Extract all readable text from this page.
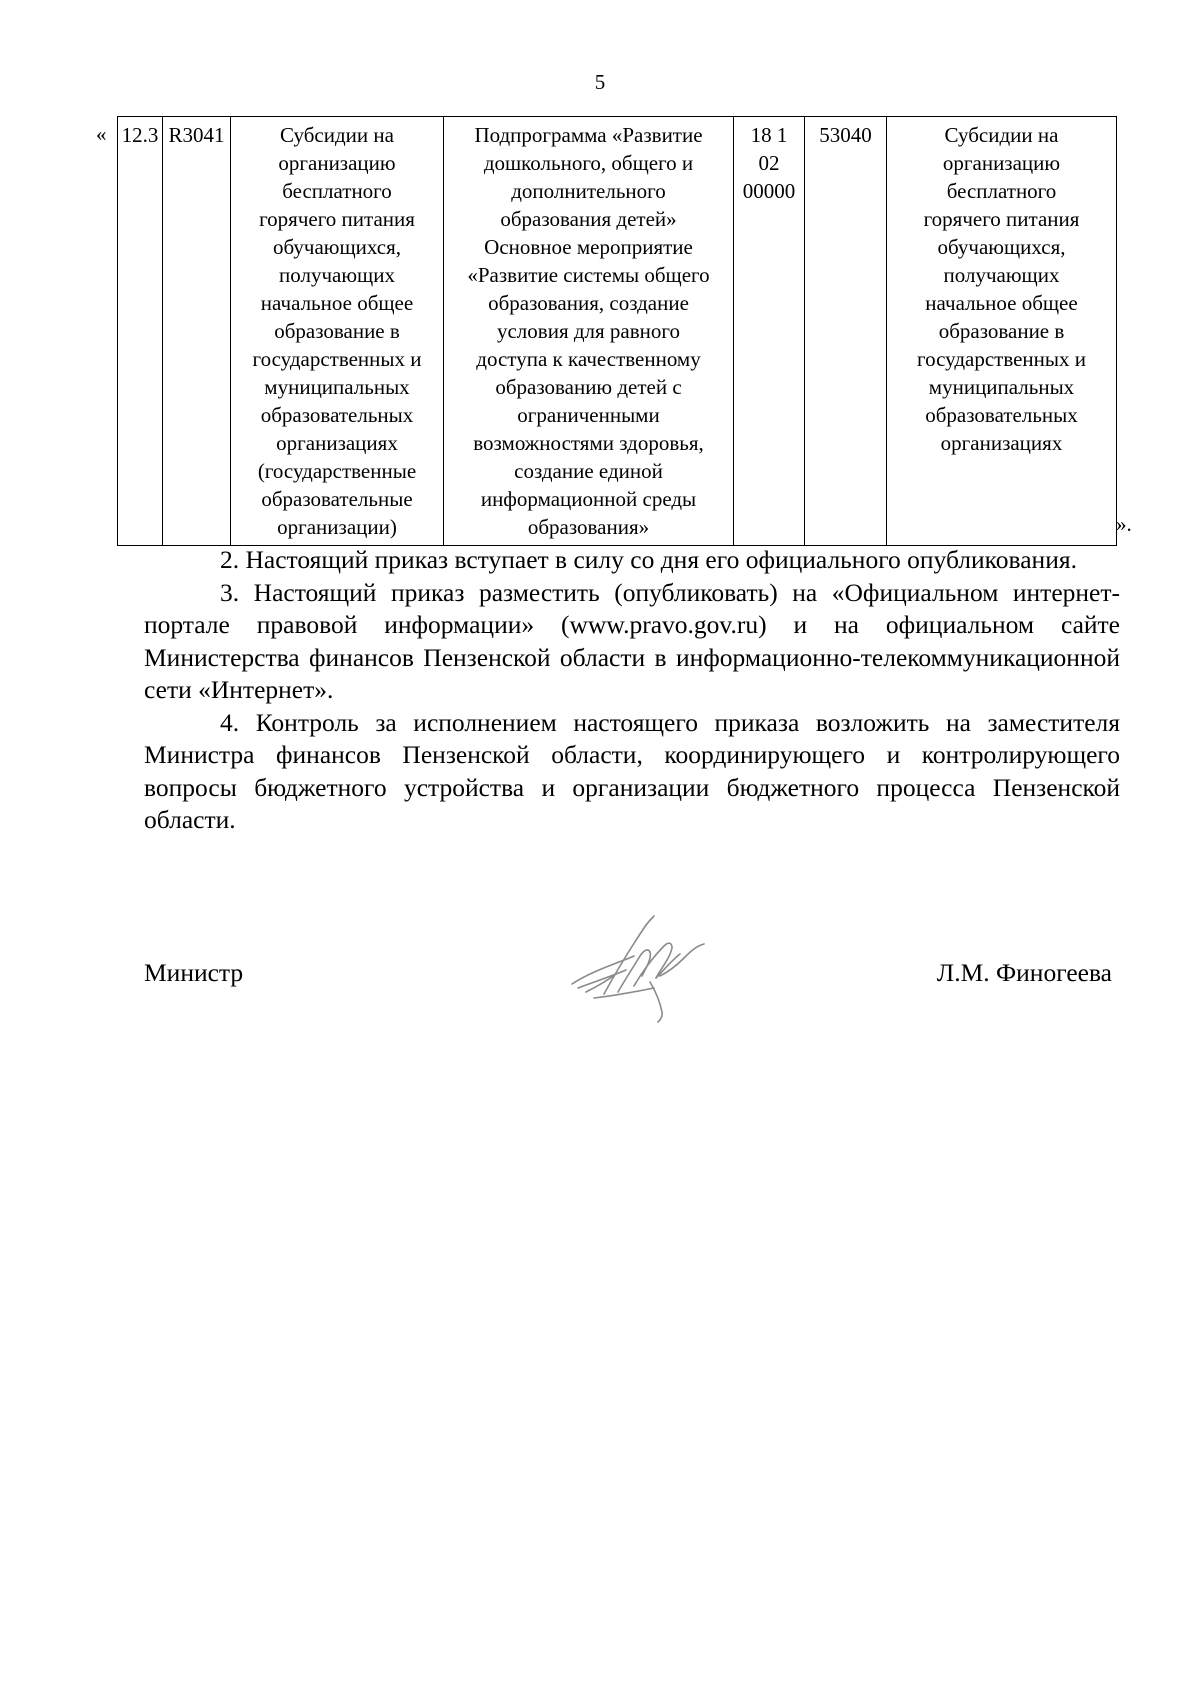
5
« 12.3	R3041	Субсидии на
организацию
бесплатного
горячего питания
обучающихся,
получающих
начальное общее
образование в
государственных и
муниципальных
образовательных
организациях
(государственные
образовательные
организации)	Подпрограмма «Развитие
дошкольного, общего и
дополнительного
образования детей»
Основное мероприятие
«Развитие системы общего
образования, создание
условия для равного
доступа к качественному
образованию детей с
ограниченными
возможностями здоровья,
создание единой
информационной среды
образования»	18 1
02
00000	53040	Субсидии на
организацию
бесплатного
горячего питания
обучающихся,
получающих
начальное общее
образование в
государственных и
муниципальных
образовательных
организациях
».

2. Настоящий приказ вступает в силу со дня его официального опубликования.

3. Настоящий приказ разместить (опубликовать) на «Официальном интернет-портале правовой информации» (www.pravo.gov.ru) и на официальном сайте Министерства финансов Пензенской области в информационно-телекоммуникационной сети «Интернет».

4. Контроль за исполнением настоящего приказа возложить на заместителя Министра финансов Пензенской области, координирующего и контролирующего вопросы бюджетного устройства и организации бюджетного процесса Пензенской области.

Министр	Л.М. Финогеева
